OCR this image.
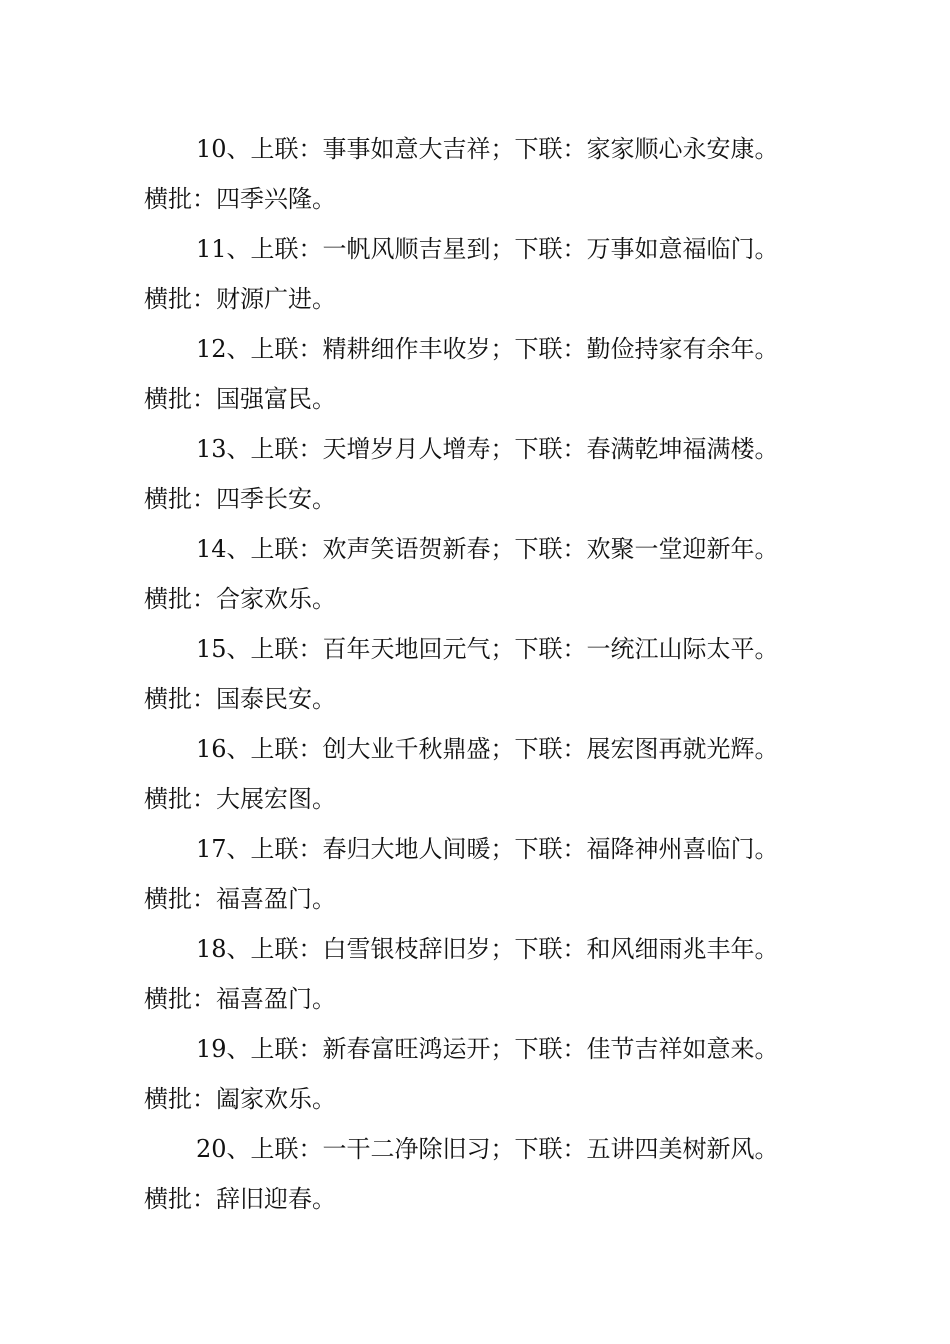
10、上联：事事如意大吉祥；下联：家家顺心永安康。
横批：四季兴隆。
11、上联：一帆风顺吉星到；下联：万事如意福临门。
横批：财源广进。
12、上联：精耕细作丰收岁；下联：勤俭持家有余年。
横批：国强富民。
13、上联：天增岁月人增寿；下联：春满乾坤福满楼。
横批：四季长安。
14、上联：欢声笑语贺新春；下联：欢聚一堂迎新年。
横批：合家欢乐。
15、上联：百年天地回元气；下联：一统江山际太平。
横批：国泰民安。
16、上联：创大业千秋鼎盛；下联：展宏图再就光辉。
横批：大展宏图。
17、上联：春归大地人间暖；下联：福降神州喜临门。
横批：福喜盈门。
18、上联：白雪银枝辞旧岁；下联：和风细雨兆丰年。
横批：福喜盈门。
19、上联：新春富旺鸿运开；下联：佳节吉祥如意来。
横批：阖家欢乐。
20、上联：一干二净除旧习；下联：五讲四美树新风。
横批：辞旧迎春。
